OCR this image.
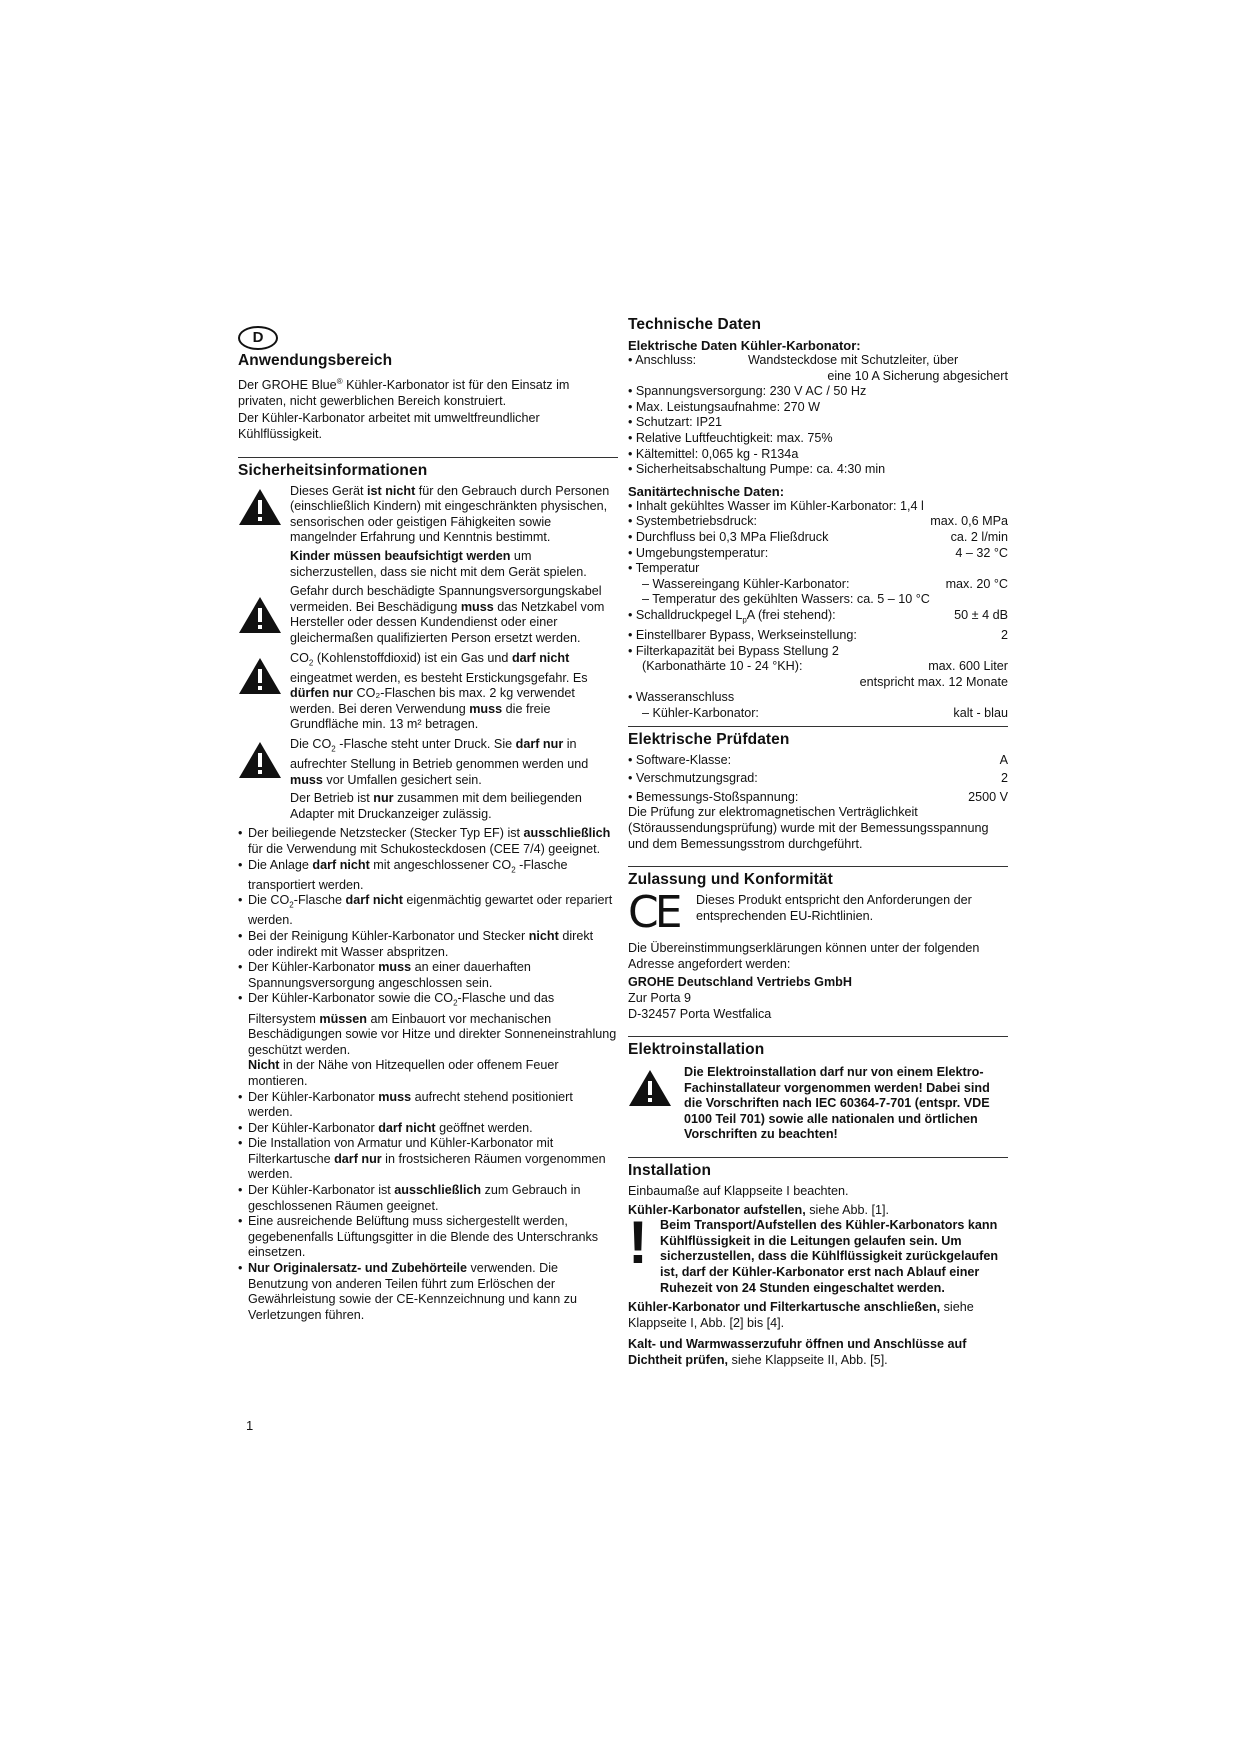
D
Anwendungsbereich

Der GROHE Blue® Kühler-Karbonator ist für den Einsatz im privaten, nicht gewerblichen Bereich konstruiert.

Der Kühler-Karbonator arbeitet mit umweltfreundlicher Kühlflüssigkeit.

Sicherheitsinformationen

Dieses Gerät ist nicht für den Gebrauch durch Personen (einschließlich Kindern) mit eingeschränkten physischen, sensorischen oder geistigen Fähigkeiten sowie mangelnder Erfahrung und Kenntnis bestimmt.

Kinder müssen beaufsichtigt werden um sicherzustellen, dass sie nicht mit dem Gerät spielen.

Gefahr durch beschädigte Spannungsversorgungskabel vermeiden. Bei Beschädigung muss das Netzkabel vom Hersteller oder dessen Kundendienst oder einer gleichermaßen qualifizierten Person ersetzt werden.

$CO_2$ (Kohlenstoffdioxid) ist ein Gas und darf nicht eingeatmet werden, es besteht Erstickungsgefahr. Es dürfen nur CO₂-Flaschen bis max. 2 kg verwendet werden. Bei deren Verwendung muss die freie Grundfläche min. 13 m² betragen.

Die $CO_2$ -Flasche steht unter Druck. Sie darf nur in aufrechter Stellung in Betrieb genommen werden und muss vor Umfallen gesichert sein.

Der Betrieb ist nur zusammen mit dem beiliegenden Adapter mit Druckanzeiger zulässig.

• Der beiliegende Netzstecker (Stecker Typ EF) ist ausschließlich für die Verwendung mit Schukosteckdosen (CEE 7/4) geeignet.
• Die Anlage darf nicht mit angeschlossener $CO_2$ -Flasche transportiert werden.
• Die $CO_2$-Flasche darf nicht eigenmächtig gewartet oder repariert werden.
• Bei der Reinigung Kühler-Karbonator und Stecker nicht direkt oder indirekt mit Wasser abspritzen.
• Der Kühler-Karbonator muss an einer dauerhaften Spannungsversorgung angeschlossen sein.
• Der Kühler-Karbonator sowie die $CO_2$-Flasche und das Filtersystem müssen am Einbauort vor mechanischen Beschädigungen sowie vor Hitze und direkter Sonneneinstrahlung geschützt werden.
Nicht in der Nähe von Hitzequellen oder offenem Feuer montieren.
• Der Kühler-Karbonator muss aufrecht stehend positioniert werden.
• Der Kühler-Karbonator darf nicht geöffnet werden.
• Die Installation von Armatur und Kühler-Karbonator mit Filterkartusche darf nur in frostsicheren Räumen vorgenommen werden.
• Der Kühler-Karbonator ist ausschließlich zum Gebrauch in geschlossenen Räumen geeignet.
• Eine ausreichende Belüftung muss sichergestellt werden, gegebenenfalls Lüftungsgitter in die Blende des Unterschranks einsetzen.
• Nur Originalersatz- und Zubehörteile verwenden. Die Benutzung von anderen Teilen führt zum Erlöschen der Gewährleistung sowie der CE-Kennzeichnung und kann zu Verletzungen führen.
Technische Daten
Elektrische Daten Kühler-Karbonator:
• Anschluss:	Wandsteckdose mit Schutzleiter, über

eine 10 A Sicherung abgesichert

• Spannungsversorgung: 230 V AC / 50 Hz

• Max. Leistungsaufnahme: 270 W

• Schutzart: IP21

• Relative Luftfeuchtigkeit: max. 75%

• Kältemittel: 0,065 kg - R134a

• Sicherheitsabschaltung Pumpe: ca. 4:30 min

Sanitärtechnische Daten:

• Inhalt gekühltes Wasser im Kühler-Karbonator: 1,4 l

• Systembetriebsdruck:	max. 0,6 MPa
• Durchfluss bei 0,3 MPa Fließdruck	ca. 2 l/min
• Umgebungstemperatur:	4 – 32 °C

• Temperatur

– Wassereingang Kühler-Karbonator:	max. 20 °C

– Temperatur des gekühlten Wassers: ca. 5 – 10 °C

• Schalldruckpegel $L_pA$ (frei stehend):	50 ± 4 dB
• Einstellbarer Bypass, Werkseinstellung:	2

• Filterkapazität bei Bypass Stellung 2

(Karbonathärte 10 - 24 °KH):	max. 600 Liter

entspricht max. 12 Monate

• Wasseranschluss

– Kühler-Karbonator:	kalt - blau
Elektrische Prüfdaten
• Software-Klasse:	A
• Verschmutzungsgrad:	2
• Bemessungs-Stoßspannung:	2500 V

Die Prüfung zur elektromagnetischen Verträglichkeit (Störaussendungsprüfung) wurde mit der Bemessungsspannung und dem Bemessungsstrom durchgeführt.

Zulassung und Konformität
CE	Dieses Produkt entspricht den Anforderungen der entsprechenden EU-Richtlinien.

Die Übereinstimmungserklärungen können unter der folgenden Adresse angefordert werden:

GROHE Deutschland Vertriebs GmbH

Zur Porta 9

D-32457 Porta Westfalica

Elektroinstallation
Die Elektroinstallation darf nur von einem Elektro-Fachinstallateur vorgenommen werden! Dabei sind die Vorschriften nach IEC 60364-7-701 (entspr. VDE 0100 Teil 701) sowie alle nationalen und örtlichen Vorschriften zu beachten!
Installation

Einbaumaße auf Klappseite I beachten.

Kühler-Karbonator aufstellen, siehe Abb. [1].

! Beim Transport/Aufstellen des Kühler-Karbonators kann Kühlflüssigkeit in die Leitungen gelaufen sein. Um sicherzustellen, dass die Kühlflüssigkeit zurückgelaufen ist, darf der Kühler-Karbonator erst nach Ablauf einer Ruhezeit von 24 Stunden eingeschaltet werden.

Kühler-Karbonator und Filterkartusche anschließen, siehe Klappseite I, Abb. [2] bis [4].

Kalt- und Warmwasserzufuhr öffnen und Anschlüsse auf Dichtheit prüfen, siehe Klappseite II, Abb. [5].

1
